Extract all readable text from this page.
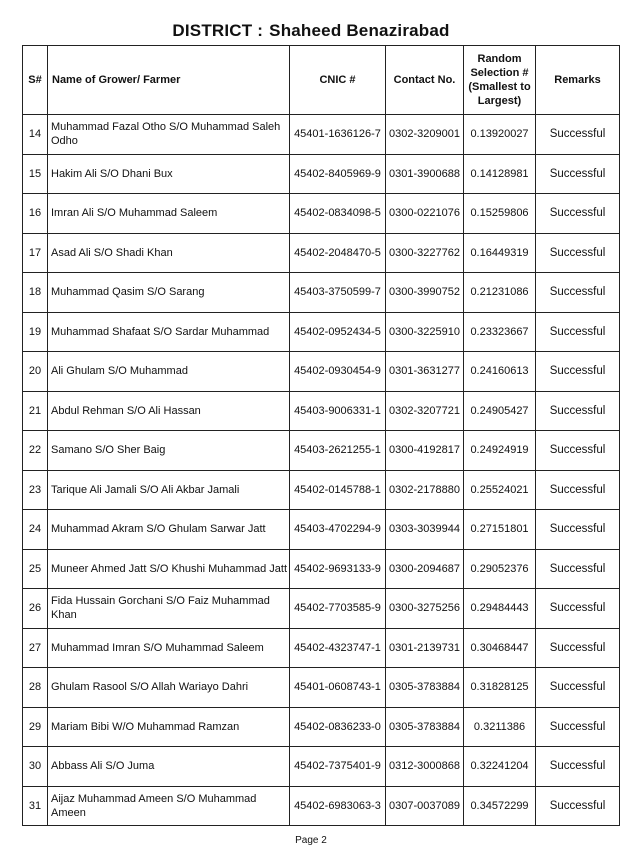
DISTRICT : Shaheed Benazirabad
S#	Name of Grower/ Farmer	CNIC #	Contact No.	Random Selection # (Smallest to Largest)	Remarks
14	Muhammad Fazal Otho S/O Muhammad Saleh Odho	45401-1636126-7	0302-3209001	0.13920027	Successful
15	Hakim Ali S/O Dhani Bux	45402-8405969-9	0301-3900688	0.14128981	Successful
16	Imran Ali S/O Muhammad Saleem	45402-0834098-5	0300-0221076	0.15259806	Successful
17	Asad Ali S/O Shadi Khan	45402-2048470-5	0300-3227762	0.16449319	Successful
18	Muhammad Qasim S/O Sarang	45403-3750599-7	0300-3990752	0.21231086	Successful
19	Muhammad Shafaat S/O Sardar Muhammad	45402-0952434-5	0300-3225910	0.23323667	Successful
20	Ali Ghulam S/O Muhammad	45402-0930454-9	0301-3631277	0.24160613	Successful
21	Abdul Rehman S/O Ali Hassan	45403-9006331-1	0302-3207721	0.24905427	Successful
22	Samano S/O Sher Baig	45403-2621255-1	0300-4192817	0.24924919	Successful
23	Tarique Ali Jamali S/O Ali Akbar Jamali	45402-0145788-1	0302-2178880	0.25524021	Successful
24	Muhammad Akram S/O Ghulam Sarwar Jatt	45403-4702294-9	0303-3039944	0.27151801	Successful
25	Muneer Ahmed Jatt S/O Khushi Muhammad Jatt	45402-9693133-9	0300-2094687	0.29052376	Successful
26	Fida Hussain Gorchani S/O Faiz Muhammad Khan	45402-7703585-9	0300-3275256	0.29484443	Successful
27	Muhammad Imran S/O Muhammad Saleem	45402-4323747-1	0301-2139731	0.30468447	Successful
28	Ghulam Rasool S/O Allah Wariayo Dahri	45401-0608743-1	0305-3783884	0.31828125	Successful
29	Mariam Bibi W/O Muhammad Ramzan	45402-0836233-0	0305-3783884	0.3211386	Successful
30	Abbass Ali S/O Juma	45402-7375401-9	0312-3000868	0.32241204	Successful
31	Aijaz Muhammad Ameen S/O Muhammad Ameen	45402-6983063-3	0307-0037089	0.34572299	Successful
Page 2
